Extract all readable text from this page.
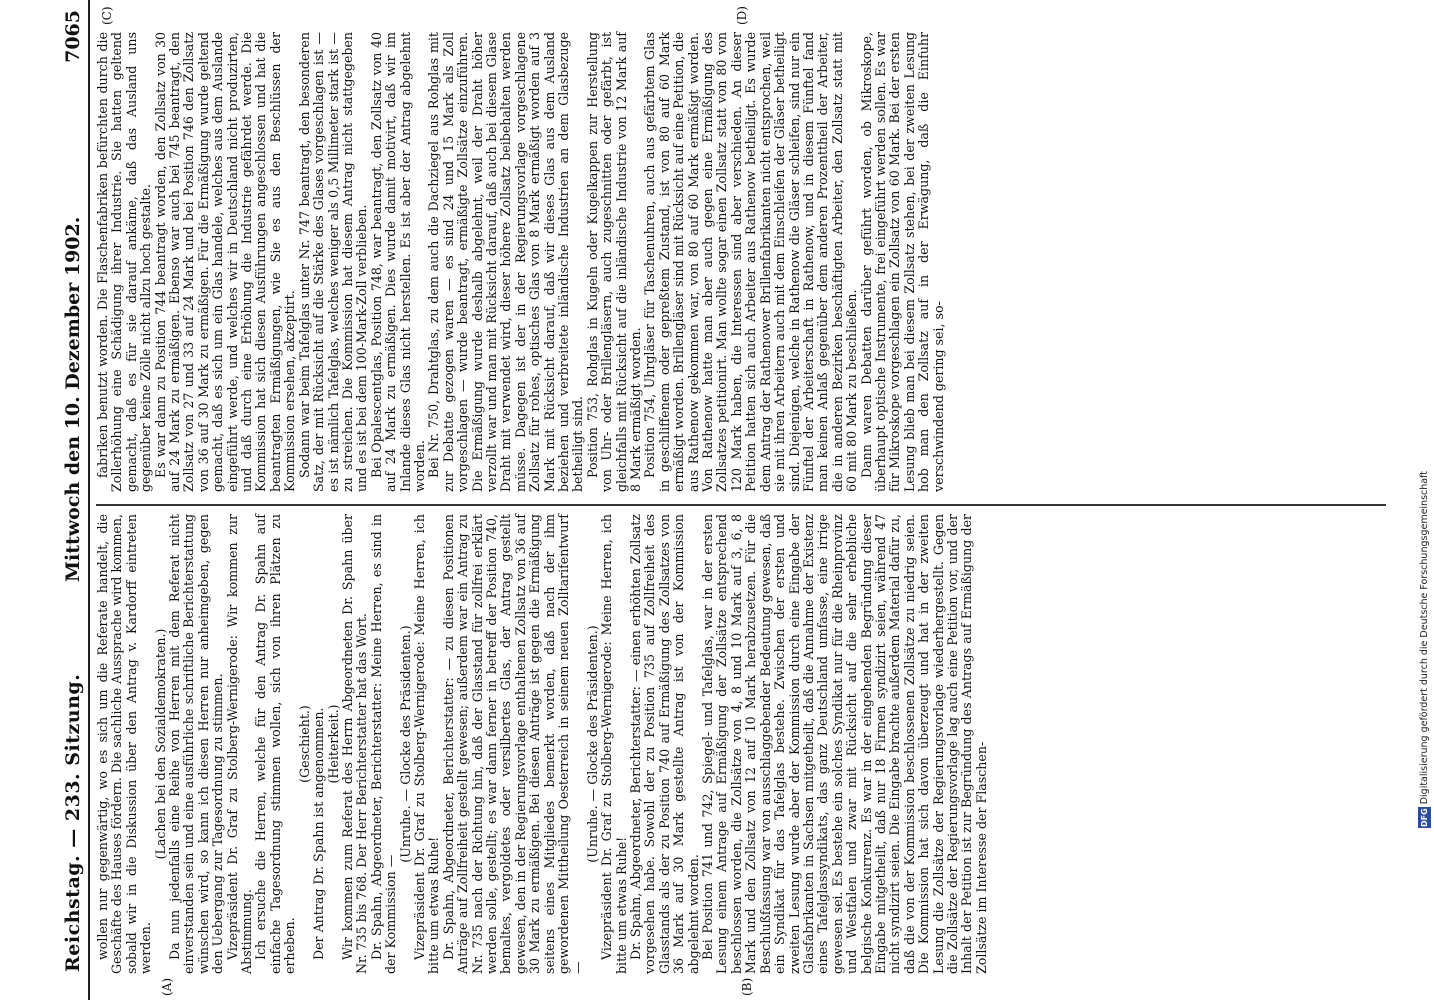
Reichstag. — 233. Sitzung.
Mittwoch den 10. Dezember 1902.
7065

wollen nur gegenwärtig, wo es sich um die Referate handelt, die Geschäfte des Hauses fördern. Die sachliche Aussprache wird kommen, sobald wir in die Diskussion über den Antrag v. Kardorff eintreten werden.

(Lachen bei den Sozialdemokraten.) Da nun jedenfalls eine Reihe von Herren mit dem Referat nicht einverstanden sein und eine ausführliche schriftliche Berichterstattung wünschen wird, so kann ich diesen Herren nur anheimgeben, gegen den Uebergang zur Tagesordnung zu stimmen. Vizepräsident Dr. Graf zu Stolberg-Wernigerode: Wir kommen zur Abstimmung. Ich ersuche die Herren, welche für den Antrag Dr. Spahn auf einfache Tagesordnung stimmen wollen, sich von ihren Plätzen zu erheben.

(Geschieht.) Der Antrag Dr. Spahn ist angenommen. (Heiterkeit.) Wir kommen zum Referat des Herrn Abgeordneten Dr. Spahn über Nr. 735 bis 768. Der Herr Berichterstatter hat das Wort. Dr. Spahn, Abgeordneter, Berichterstatter: Meine Herren, es sind in der Kommission —

(Unruhe. — Glocke des Präsidenten.) Vizepräsident Dr. Graf zu Stolberg-Wernigerode: Meine Herren, ich bitte um etwas Ruhe! Dr. Spahn, Abgeordneter, Berichterstatter: — zu diesen Positionen Anträge auf Zollfreiheit gestellt gewesen; außerdem war ein Antrag zu Nr. 735 nach der Richtung hin, daß der Glasstand für zollfrei erklärt werden solle, gestellt; es war dann ferner in betreff der Position 740, bemaltes, vergoldetes oder versilbertes Glas, der Antrag gestellt gewesen, den in der Regierungsvorlage enthaltenen Zollsatz von 36 auf 30 Mark zu ermäßigen. Bei diesen Anträge ist gegen die Ermäßigung seitens eines Mitgliedes bemerkt worden, daß nach der ihm gewordenen Mittheilung Oesterreich in seinem neuen Zolltarifentwurf —

(Unruhe. — Glocke des Präsidenten.) Vizepräsident Dr. Graf zu Stolberg-Wernigerode: Meine Herren, ich bitte um etwas Ruhe! Dr. Spahn, Abgeordneter, Berichterstatter: — einen erhöhten Zollsatz vorgesehen habe. Sowohl der zu Position 735 auf Zollfreiheit des Glasstands als der zu Position 740 auf Ermäßigung des Zollsatzes von 36 Mark auf 30 Mark gestellte Antrag ist von der Kommission abgelehnt worden. Bei Position 741 und 742, Spiegel- und Tafelglas, war in der ersten Lesung einem Antrage auf Ermäßigung der Zollsätze entsprechend beschlossen worden, die Zollsätze von 4, 8 und 10 Mark auf 3, 6, 8 Mark und den Zollsatz von 12 auf 10 Mark herabzusetzen. Für die Beschlußfassung war von ausschlaggebender Bedeutung gewesen, daß ein Syndikat für das Tafelglas bestehe. Zwischen der ersten und zweiten Lesung wurde aber der Kommission durch eine Eingabe der Glasfabrikanten in Sachsen mitgetheilt, daß die Annahme der Existenz eines Tafelglassyndikats, das ganz Deutschland umfasse, eine irrige gewesen sei. Es bestehe ein solches Syndikat nur für die Rheinprovinz und Westfalen und zwar mit Rücksicht auf die sehr erhebliche belgische Konkurrenz. Es war in der eingehenden Begründung dieser Eingabe mitgetheilt, daß nur 18 Firmen syndizirt seien, während 47 nicht syndizirt seien. Die Eingabe brachte außerdem Material dafür zu, daß die von der Kommission beschlossenen Zollsätze zu niedrig seien. Die Kommission hat sich davon überzeugt und hat in der zweiten Lesung die Zollsätze der Regierungsvorlage wiederhergestellt. Gegen die Zollsätze der Regierungsvorlage lag auch eine Petition vor, und der Inhalt der Petition ist zur Begründung des Antrags auf Ermäßigung der Zollsätze im Interesse der Flaschen-

fabriken benutzt worden. Die Flaschenfabriken befürchten durch die Zollerhöhung eine Schädigung ihrer Industrie. Sie hatten geltend gemacht, daß es für sie darauf ankäme, daß das Ausland uns gegenüber keine Zölle nicht allzu hoch gestalte. Es war dann zu Position 744 beantragt worden, den Zollsatz von 30 auf 24 Mark zu ermäßigen. Ebenso war auch bei 745 beantragt, den Zollsatz von 27 und 33 auf 24 Mark und bei Position 746 den Zollsatz von 36 auf 30 Mark zu ermäßigen. Für die Ermäßigung wurde geltend gemacht, daß es sich um ein Glas handele, welches aus dem Auslande eingeführt werde, und welches wir in Deutschland nicht produzirten, und daß durch eine Erhöhung die Industrie gefährdet werde. Die Kommission hat sich diesen Ausführungen angeschlossen und hat die beantragten Ermäßigungen, wie Sie es aus den Beschlüssen der Kommission ersehen, akzeptirt. Sodann war beim Tafelglas unter Nr. 747 beantragt, den besonderen Satz, der mit Rücksicht auf die Stärke des Glases vorgeschlagen ist — es ist nämlich Tafelglas, welches weniger als 0,5 Millimeter stark ist — zu streichen. Die Kommission hat diesem Antrag nicht stattgegeben und es ist bei dem 100-Mark-Zoll verblieben. Bei Opalescentglas, Position 748, war beantragt, den Zollsatz von 40 auf 24 Mark zu ermäßigen. Dies wurde damit motivirt, daß wir im Inlande dieses Glas nicht herstellen. Es ist aber der Antrag abgelehnt worden. Bei Nr. 750, Drahtglas, zu dem auch die Dachziegel aus Rohglas mit zur Debatte gezogen waren — es sind 24 und 15 Mark als Zoll vorgeschlagen — wurde beantragt, ermäßigte Zollsätze einzuführen. Die Ermäßigung wurde deshalb abgelehnt, weil der Draht höher verzollt war und man mit Rücksicht darauf, daß auch bei diesem Glase Draht mit verwendet wird, dieser höhere Zollsatz beibehalten werden müsse. Dagegen ist der in der Regierungsvorlage vorgeschlagene Zollsatz für rohes, optisches Glas von 8 Mark ermäßigt worden auf 3 Mark mit Rücksicht darauf, daß wir dieses Glas aus dem Ausland beziehen und verbreitete inländische Industrien an dem Glasbezuge betheiligt sind. Position 753, Rohglas in Kugeln oder Kugelkappen zur Herstellung von Uhr- oder Brillengläsern, auch zugeschnitten oder gefärbt, ist gleichfalls mit Rücksicht auf die inländische Industrie von 12 Mark auf 8 Mark ermäßigt worden. Position 754, Uhrgläser für Taschenuhren, auch aus gefärbtem Glas in geschliffenem oder gepreßtem Zustand, ist von 80 auf 60 Mark ermäßigt worden. Brillengläser sind mit Rücksicht auf eine Petition, die aus Rathenow gekommen war, von 80 auf 60 Mark ermäßigt worden. Von Rathenow hatte man aber auch gegen eine Ermäßigung des Zollsatzes petitionirt. Man wollte sogar einen Zollsatz statt von 80 von 120 Mark haben, die Interessen sind aber verschieden. An dieser Petition hatten sich auch Arbeiter aus Rathenow betheiligt. Es wurde dem Antrag der Rathenower Brillenfabrikanten nicht entsprochen, weil sie mit ihren Arbeitern auch mit dem Einschleifen der Gläser betheiligt sind. Diejenigen, welche in Rathenow die Gläser schleifen, sind nur ein Fünftel der Arbeiterschaft in Rathenow, und in diesem Fünftel fand man keinen Anlaß gegenüber dem anderen Prozenttheil der Arbeiter, die in anderen Bezirken beschäftigten Arbeiter, den Zollsatz statt mit 60 mit 80 Mark zu beschließen. Dann waren Debatten darüber geführt worden, ob Mikroskope, überhaupt optische Instrumente, frei eingeführt werden sollen. Es war für Mikroskope vorgeschlagen ein Zollsatz von 60 Mark. Bei der ersten Lesung blieb man bei diesem Zollsatz stehen, bei der zweiten Lesung hob man den Zollsatz auf in der Erwägung, daß die Einfuhr verschwindend gering sei, so-

(A)	(B)
(C)	(D)
DFG Digitalisierung gefördert durch die Deutsche Forschungsgemeinschaft
